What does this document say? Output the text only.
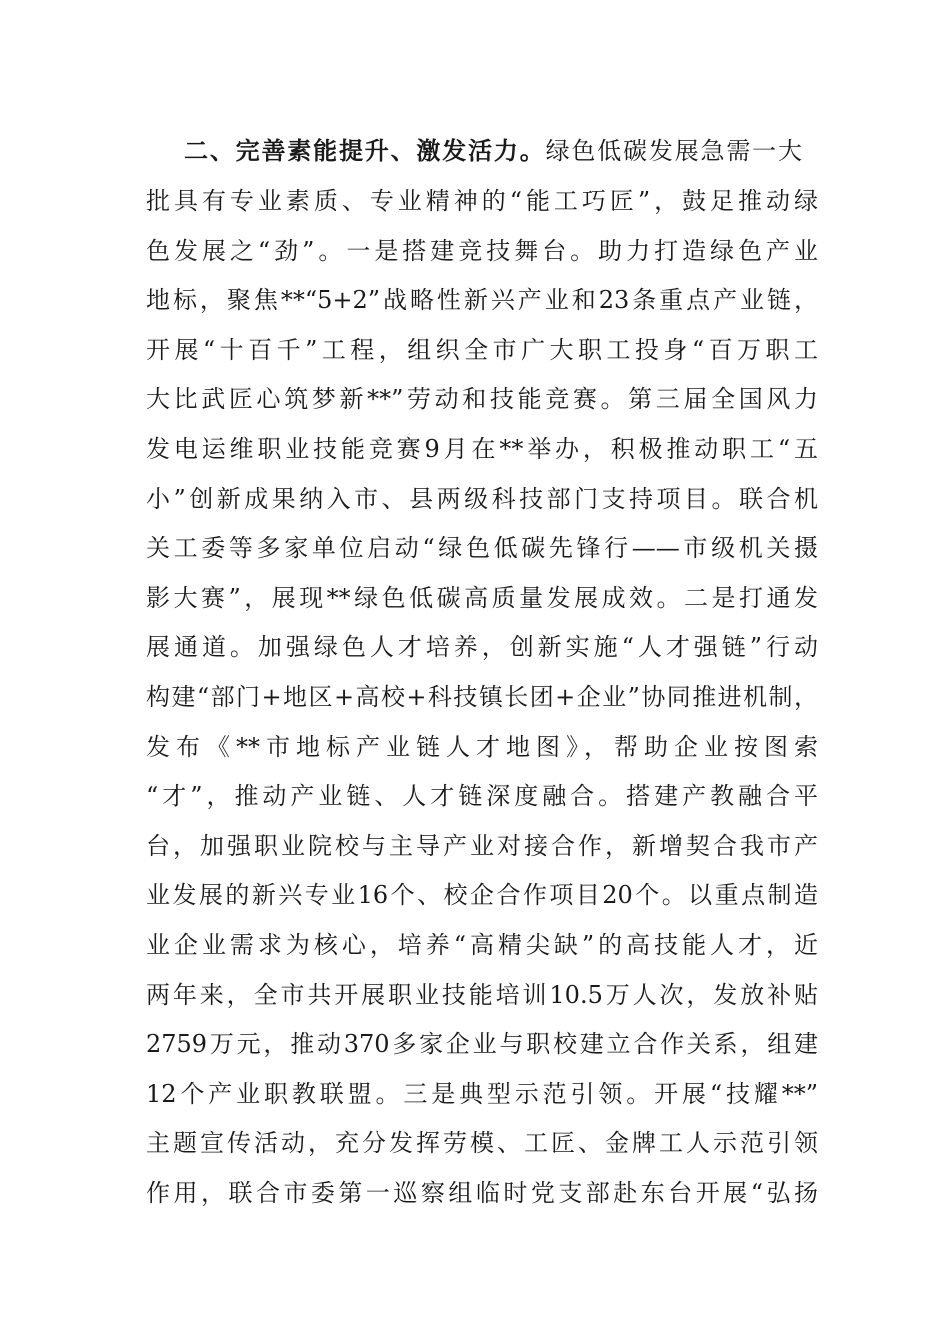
二、完善素能提升、激发活力。绿色低碳发展急需一大
批具有专业素质、专业精神的“能工巧匠”，鼓足推动绿
色发展之“劲”。一是搭建竞技舞台。助力打造绿色产业
地标，聚焦**“5+2”战略性新兴产业和23条重点产业链，
开展“十百千”工程，组织全市广大职工投身“百万职工
大比武匠心筑梦新**”劳动和技能竞赛。第三届全国风力
发电运维职业技能竞赛9月在**举办，积极推动职工“五
小”创新成果纳入市、县两级科技部门支持项目。联合机
关工委等多家单位启动“绿色低碳先锋行——市级机关摄
影大赛”，展现**绿色低碳高质量发展成效。二是打通发
展通道。加强绿色人才培养，创新实施“人才强链”行动
构建“部门+地区+高校+科技镇长团+企业”协同推进机制，
发布《**市地标产业链人才地图》，帮助企业按图索
“才”，推动产业链、人才链深度融合。搭建产教融合平
台，加强职业院校与主导产业对接合作，新增契合我市产
业发展的新兴专业16个、校企合作项目20个。以重点制造
业企业需求为核心，培养“高精尖缺”的高技能人才，近
两年来，全市共开展职业技能培训10.5万人次，发放补贴
2759万元，推动370多家企业与职校建立合作关系，组建
12个产业职教联盟。三是典型示范引领。开展“技耀**”
主题宣传活动，充分发挥劳模、工匠、金牌工人示范引领
作用，联合市委第一巡察组临时党支部赴东台开展“弘扬
